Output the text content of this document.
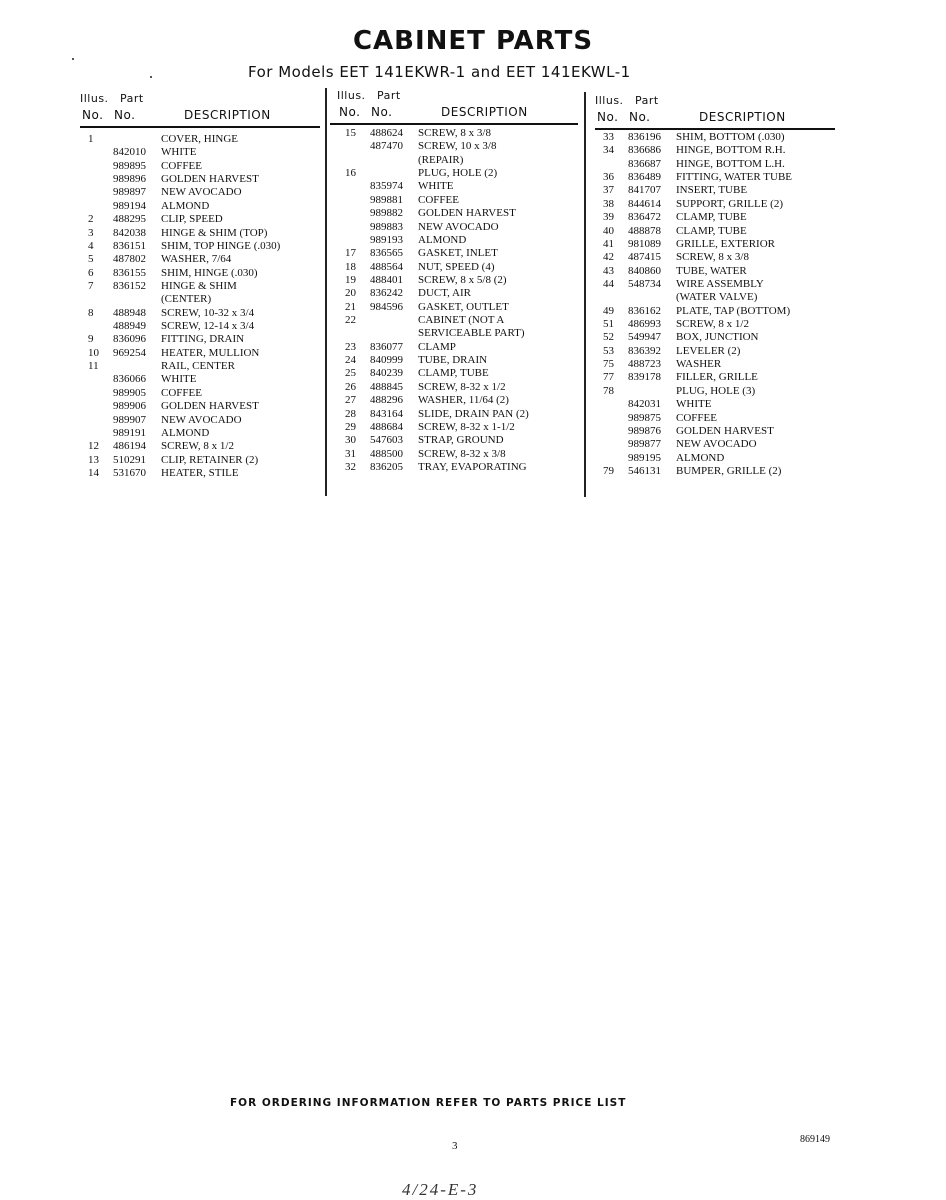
CABINET PARTS
For Models EET 141EKWR-1 and EET 141EKWL-1
Illus. Part
No. No.	DESCRIPTION
1	COVER, HINGE
842010 WHITE
989895 COFFEE
989896 GOLDEN HARVEST
989897 NEW AVOCADO
989194 ALMOND
2	488295 CLIP, SPEED
3	842038 HINGE & SHIM (TOP)
4	836151 SHIM, TOP HINGE (.030)
5	487802 WASHER, 7/64
6	836155 SHIM, HINGE (.030)
7	836152 HINGE & SHIM
(CENTER)
8	488948 SCREW, 10-32 x 3/4
488949 SCREW, 12-14 x 3/4
9	836096 FITTING, DRAIN
10	969254 HEATER, MULLION
11	RAIL, CENTER
836066 WHITE
989905 COFFEE
989906 GOLDEN HARVEST
989907 NEW AVOCADO
989191 ALMOND
12	486194 SCREW, 8 x 1/2
13	510291 CLIP, RETAINER (2)
14	531670 HEATER, STILE
Illus. Part
No. No.	DESCRIPTION
15	488624 SCREW, 8 x 3/8
487470 SCREW, 10 x 3/8
(REPAIR)
16	PLUG, HOLE (2)
835974 WHITE
989881 COFFEE
989882 GOLDEN HARVEST
989883 NEW AVOCADO
989193 ALMOND
17	836565 GASKET, INLET
18	488564 NUT, SPEED (4)
19	488401 SCREW, 8 x 5/8 (2)
20	836242 DUCT, AIR
21	984596 GASKET, OUTLET
22	CABINET (NOT A
SERVICEABLE PART)
23	836077 CLAMP
24	840999 TUBE, DRAIN
25	840239 CLAMP, TUBE
26	488845 SCREW, 8-32 x 1/2
27	488296 WASHER, 11/64 (2)
28	843164 SLIDE, DRAIN PAN (2)
29	488684 SCREW, 8-32 x 1-1/2
30	547603 STRAP, GROUND
31	488500 SCREW, 8-32 x 3/8
32	836205 TRAY, EVAPORATING
Illus. Part
No. No.	DESCRIPTION
33	836196 SHIM, BOTTOM (.030)
34	836686 HINGE, BOTTOM R.H.
836687 HINGE, BOTTOM L.H.
36	836489 FITTING, WATER TUBE
37	841707 INSERT, TUBE
38	844614 SUPPORT, GRILLE (2)
39	836472 CLAMP, TUBE
40	488878 CLAMP, TUBE
41	981089 GRILLE, EXTERIOR
42	487415 SCREW, 8 x 3/8
43	840860 TUBE, WATER
44	548734 WIRE ASSEMBLY
(WATER VALVE)
49	836162 PLATE, TAP (BOTTOM)
51	486993 SCREW, 8 x 1/2
52	549947 BOX, JUNCTION
53	836392 LEVELER (2)
75	488723 WASHER
77	839178 FILLER, GRILLE
78	PLUG, HOLE (3)
842031 WHITE
989875 COFFEE
989876 GOLDEN HARVEST
989877 NEW AVOCADO
989195 ALMOND
79	546131 BUMPER, GRILLE (2)
FOR ORDERING INFORMATION REFER TO PARTS PRICE LIST
3
869149
4/24-E-3
